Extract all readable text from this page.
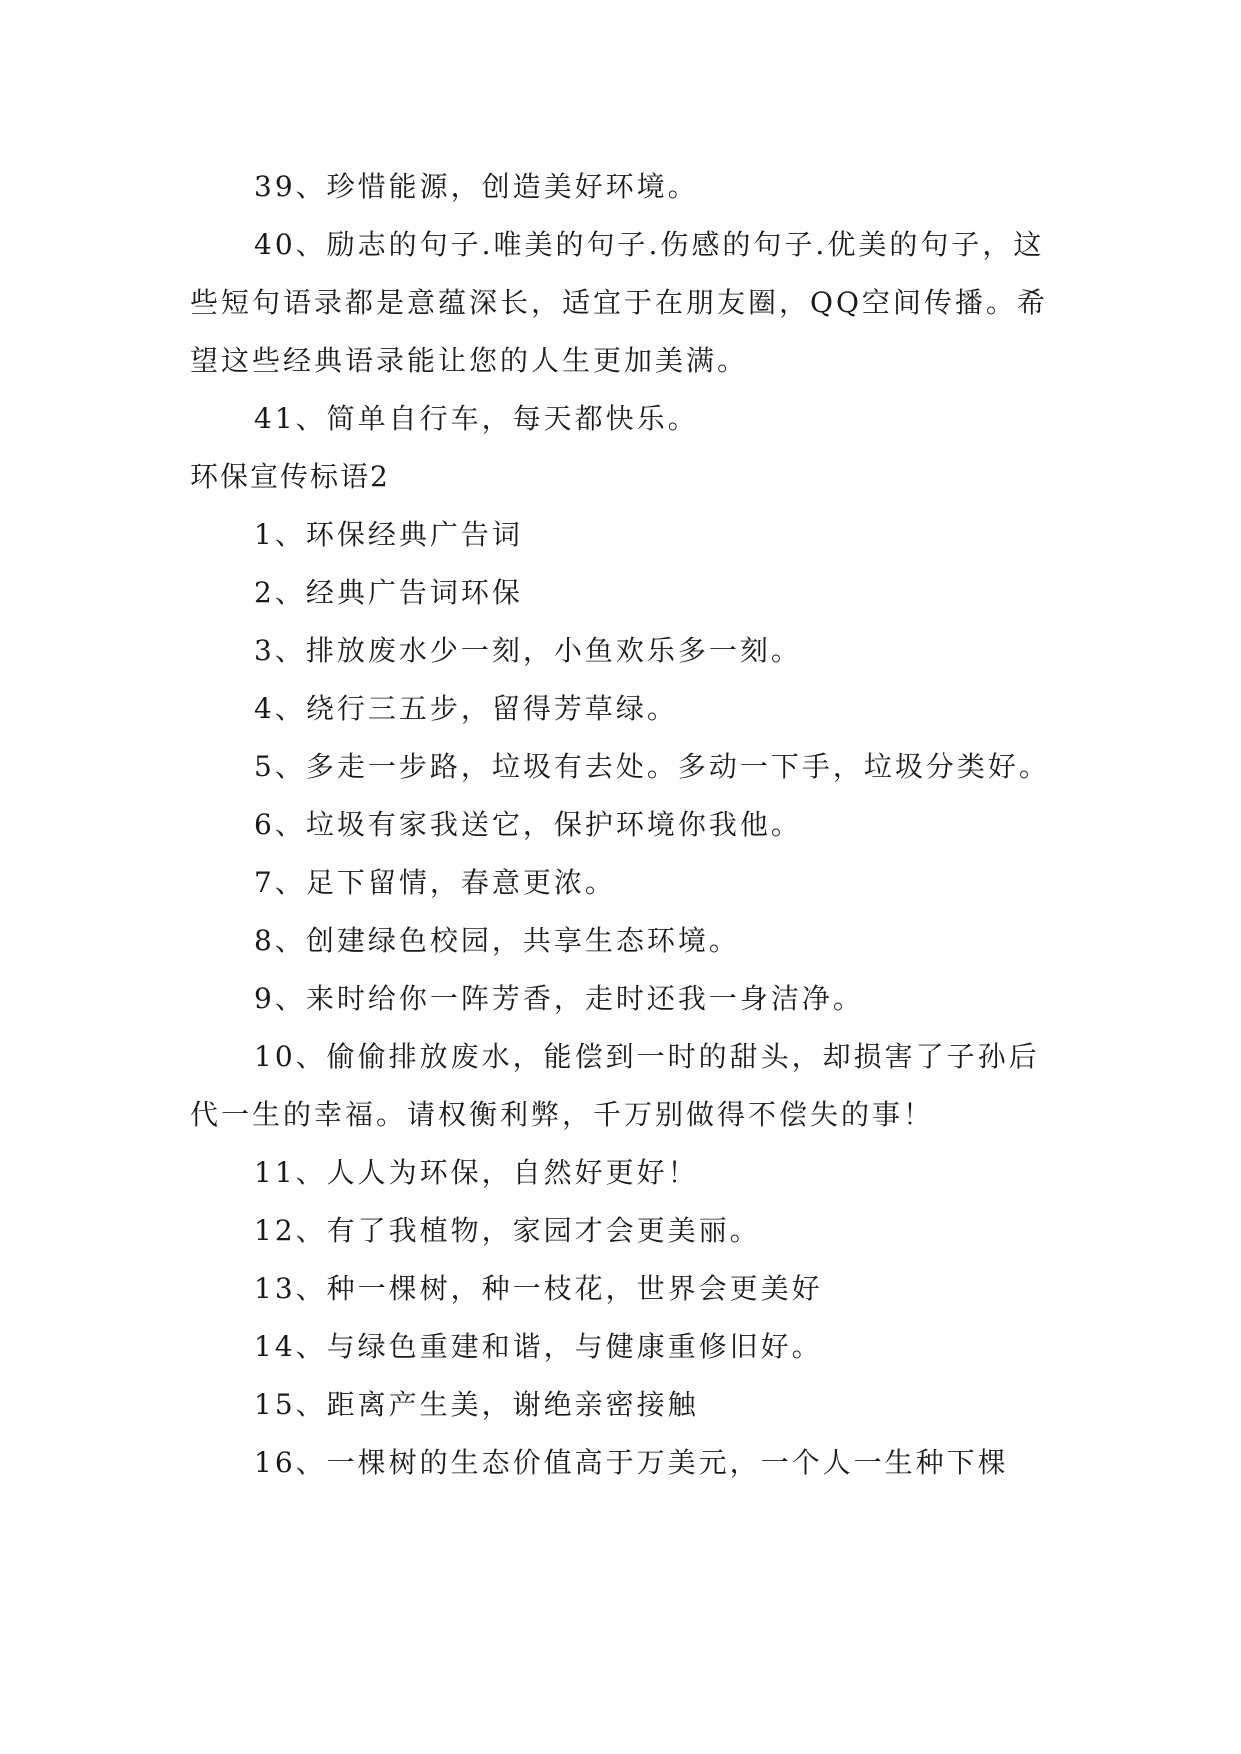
39、珍惜能源，创造美好环境。

40、励志的句子.唯美的句子.伤感的句子.优美的句子，这些短句语录都是意蕴深长，适宜于在朋友圈，QQ空间传播。希望这些经典语录能让您的人生更加美满。

41、简单自行车，每天都快乐。

环保宣传标语2

1、环保经典广告词

2、经典广告词环保

3、排放废水少一刻，小鱼欢乐多一刻。

4、绕行三五步，留得芳草绿。

5、多走一步路，垃圾有去处。多动一下手，垃圾分类好。

6、垃圾有家我送它，保护环境你我他。

7、足下留情，春意更浓。

8、创建绿色校园，共享生态环境。

9、来时给你一阵芳香，走时还我一身洁净。

10、偷偷排放废水，能偿到一时的甜头，却损害了子孙后代一生的幸福。请权衡利弊，千万别做得不偿失的事！

11、人人为环保，自然好更好！

12、有了我植物，家园才会更美丽。

13、种一棵树，种一枝花，世界会更美好

14、与绿色重建和谐，与健康重修旧好。

15、距离产生美，谢绝亲密接触

16、一棵树的生态价值高于万美元，一个人一生种下棵
